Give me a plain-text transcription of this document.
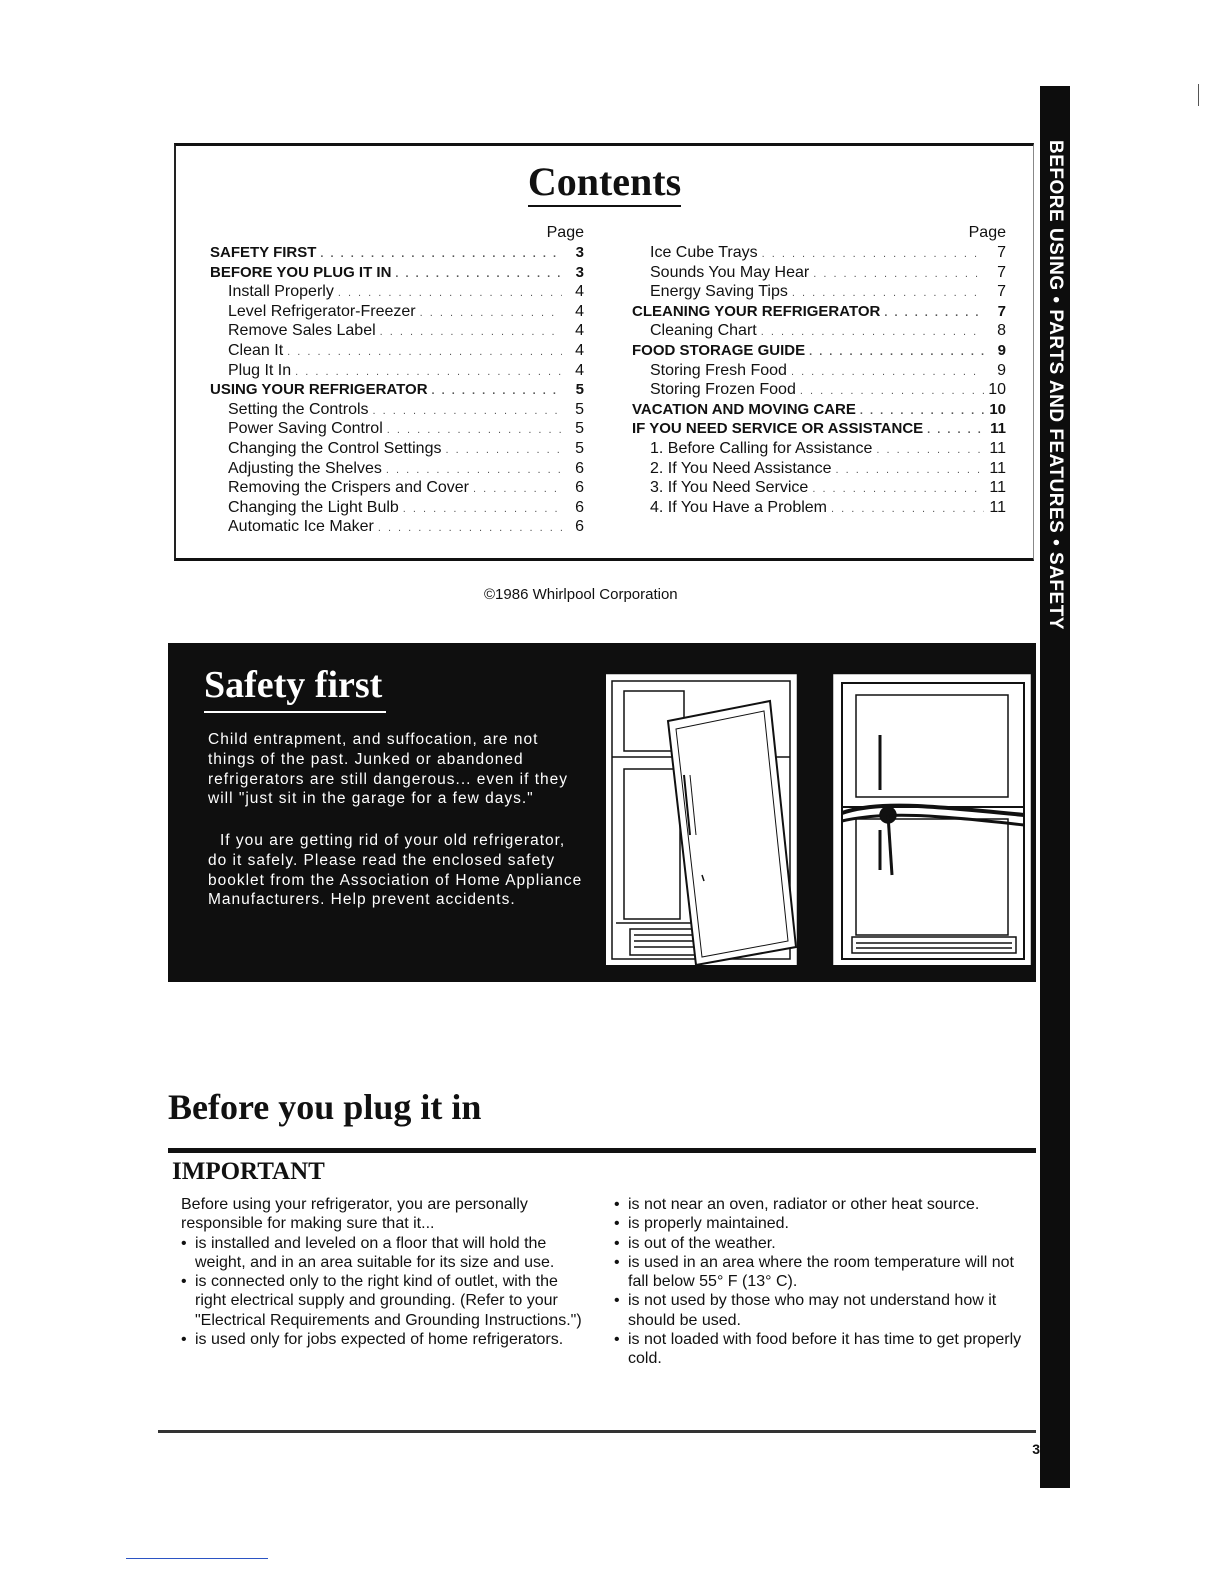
BEFORE USING • PARTS AND FEATURES • SAFETY
Contents
Page
SAFETY FIRST . . .	3
BEFORE YOU PLUG IT IN . . .	3
Install Properly . . .	4
Level Refrigerator-Freezer . . .	4
Remove Sales Label . . .	4
Clean It . . .	4
Plug It In . . .	4
USING YOUR REFRIGERATOR . . .	5
Setting the Controls . . .	5
Power Saving Control . . .	5
Changing the Control Settings . . .	5
Adjusting the Shelves . . .	6
Removing the Crispers and Cover . . .	6
Changing the Light Bulb . . .	6
Automatic Ice Maker . . .	6
Page
Ice Cube Trays . . .	7
Sounds You May Hear . . .	7
Energy Saving Tips . . .	7
CLEANING YOUR REFRIGERATOR . . .	7
Cleaning Chart . . .	8
FOOD STORAGE GUIDE . . .	9
Storing Fresh Food . . .	9
Storing Frozen Food . . .	10
VACATION AND MOVING CARE . . .	10
IF YOU NEED SERVICE OR ASSISTANCE . . .	11
1. Before Calling for Assistance . . .	11
2. If You Need Assistance . . .	11
3. If You Need Service . . .	11
4. If You Have a Problem . . .	11
©1986 Whirlpool Corporation
Safety first

Child entrapment, and suffocation, are not things of the past. Junked or abandoned refrigerators are still dangerous... even if they will "just sit in the garage for a few days."

If you are getting rid of your old refrigerator, do it safely. Please read the enclosed safety booklet from the Association of Home Appliance Manufacturers. Help prevent accidents.

Before you plug it in
IMPORTANT

Before using your refrigerator, you are personally responsible for making sure that it...

• is installed and leveled on a floor that will hold the weight, and in an area suitable for its size and use.
• is connected only to the right kind of outlet, with the right electrical supply and grounding. (Refer to your "Electrical Requirements and Grounding Instructions.")
• is used only for jobs expected of home refrigerators.
• is not near an oven, radiator or other heat source.
• is properly maintained.
• is out of the weather.
• is used in an area where the room temperature will not fall below 55° F (13° C).
• is not used by those who may not understand how it should be used.
• is not loaded with food before it has time to get properly cold.
3
